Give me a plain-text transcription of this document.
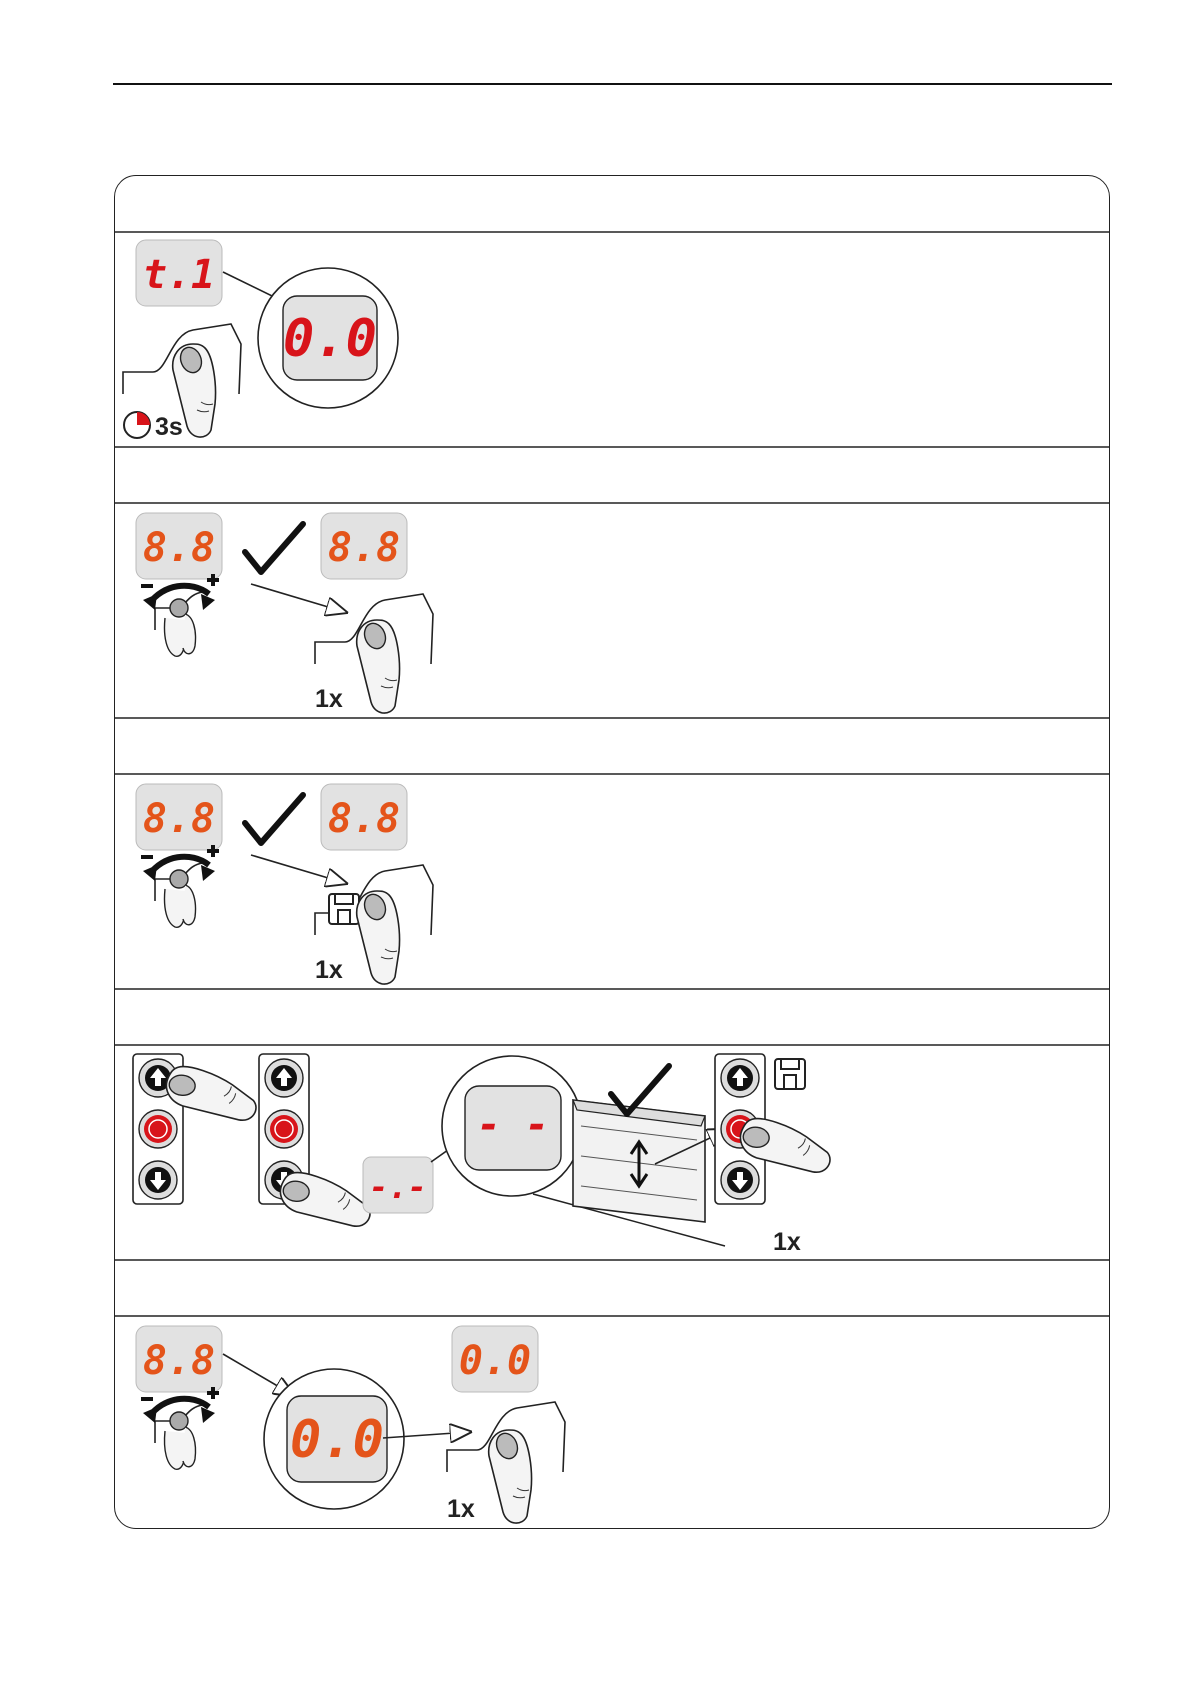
t.1
0.0
3s
8.8	8.8
1x
8.8	8.8
1x
-.-
- -
1x
8.8
0.0
0.0
1x
